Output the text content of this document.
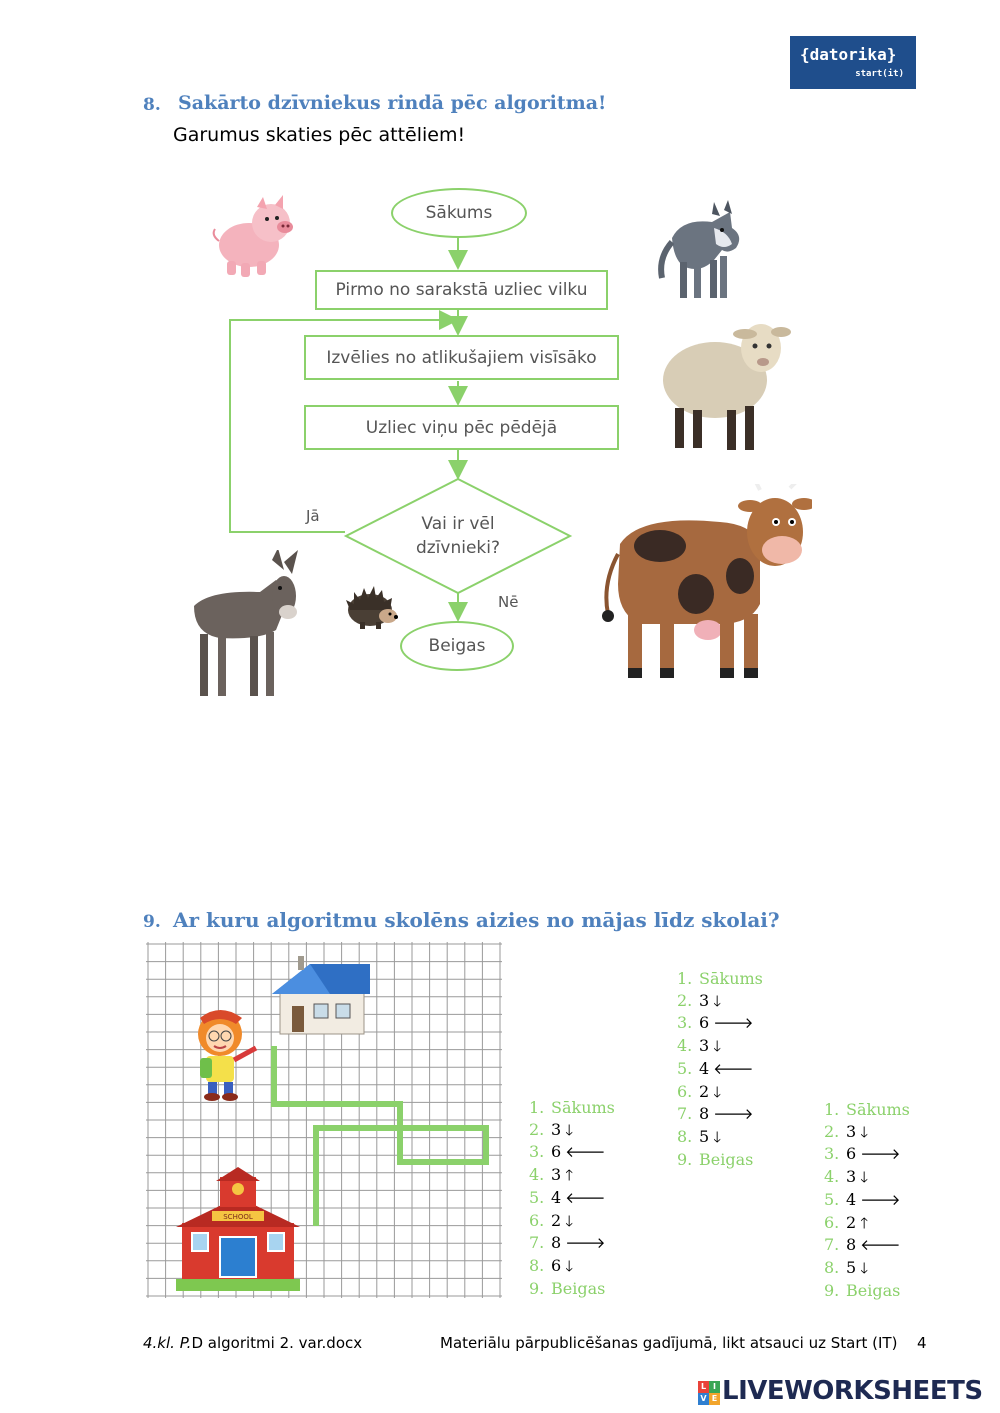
{datorika}
start(it)
8. Sakārto dzīvniekus rindā pēc algoritma!
Garumus skaties pēc attēliem!
Sākums
Pirmo no sarakstā uzliec vilku
Izvēlies no atlikušajiem visīsāko
Uzliec viņu pēc pēdējā
Vai ir vēl
dzīvnieki?
Jā
Nē
Beigas
9. Ar kuru algoritmu skolēns aizies no mājas līdz skolai?
SCHOOL
1. Sākums
2. 3 🡓
3. 6 🡐
4. 3 🡑
5. 4 🡐
6. 2 🡓
7. 8 🡒
8. 6 🡓
9. Beigas
1. Sākums
2. 3 🡓
3. 6 🡒
4. 3 🡓
5. 4 🡐
6. 2 🡓
7. 8 🡒
8. 5 🡓
9. Beigas
1. Sākums
2. 3 🡓
3. 6 🡒
4. 3 🡓
5. 4 🡒
6. 2 🡑
7. 8 🡐
8. 5 🡓
9. Beigas
4.kl. P.D algoritmi 2. var.docx	Materiālu pārpublicēšanas gadījumā, likt atsauci uz Start (IT) 4
L I
V E LIVEWORKSHEETS
